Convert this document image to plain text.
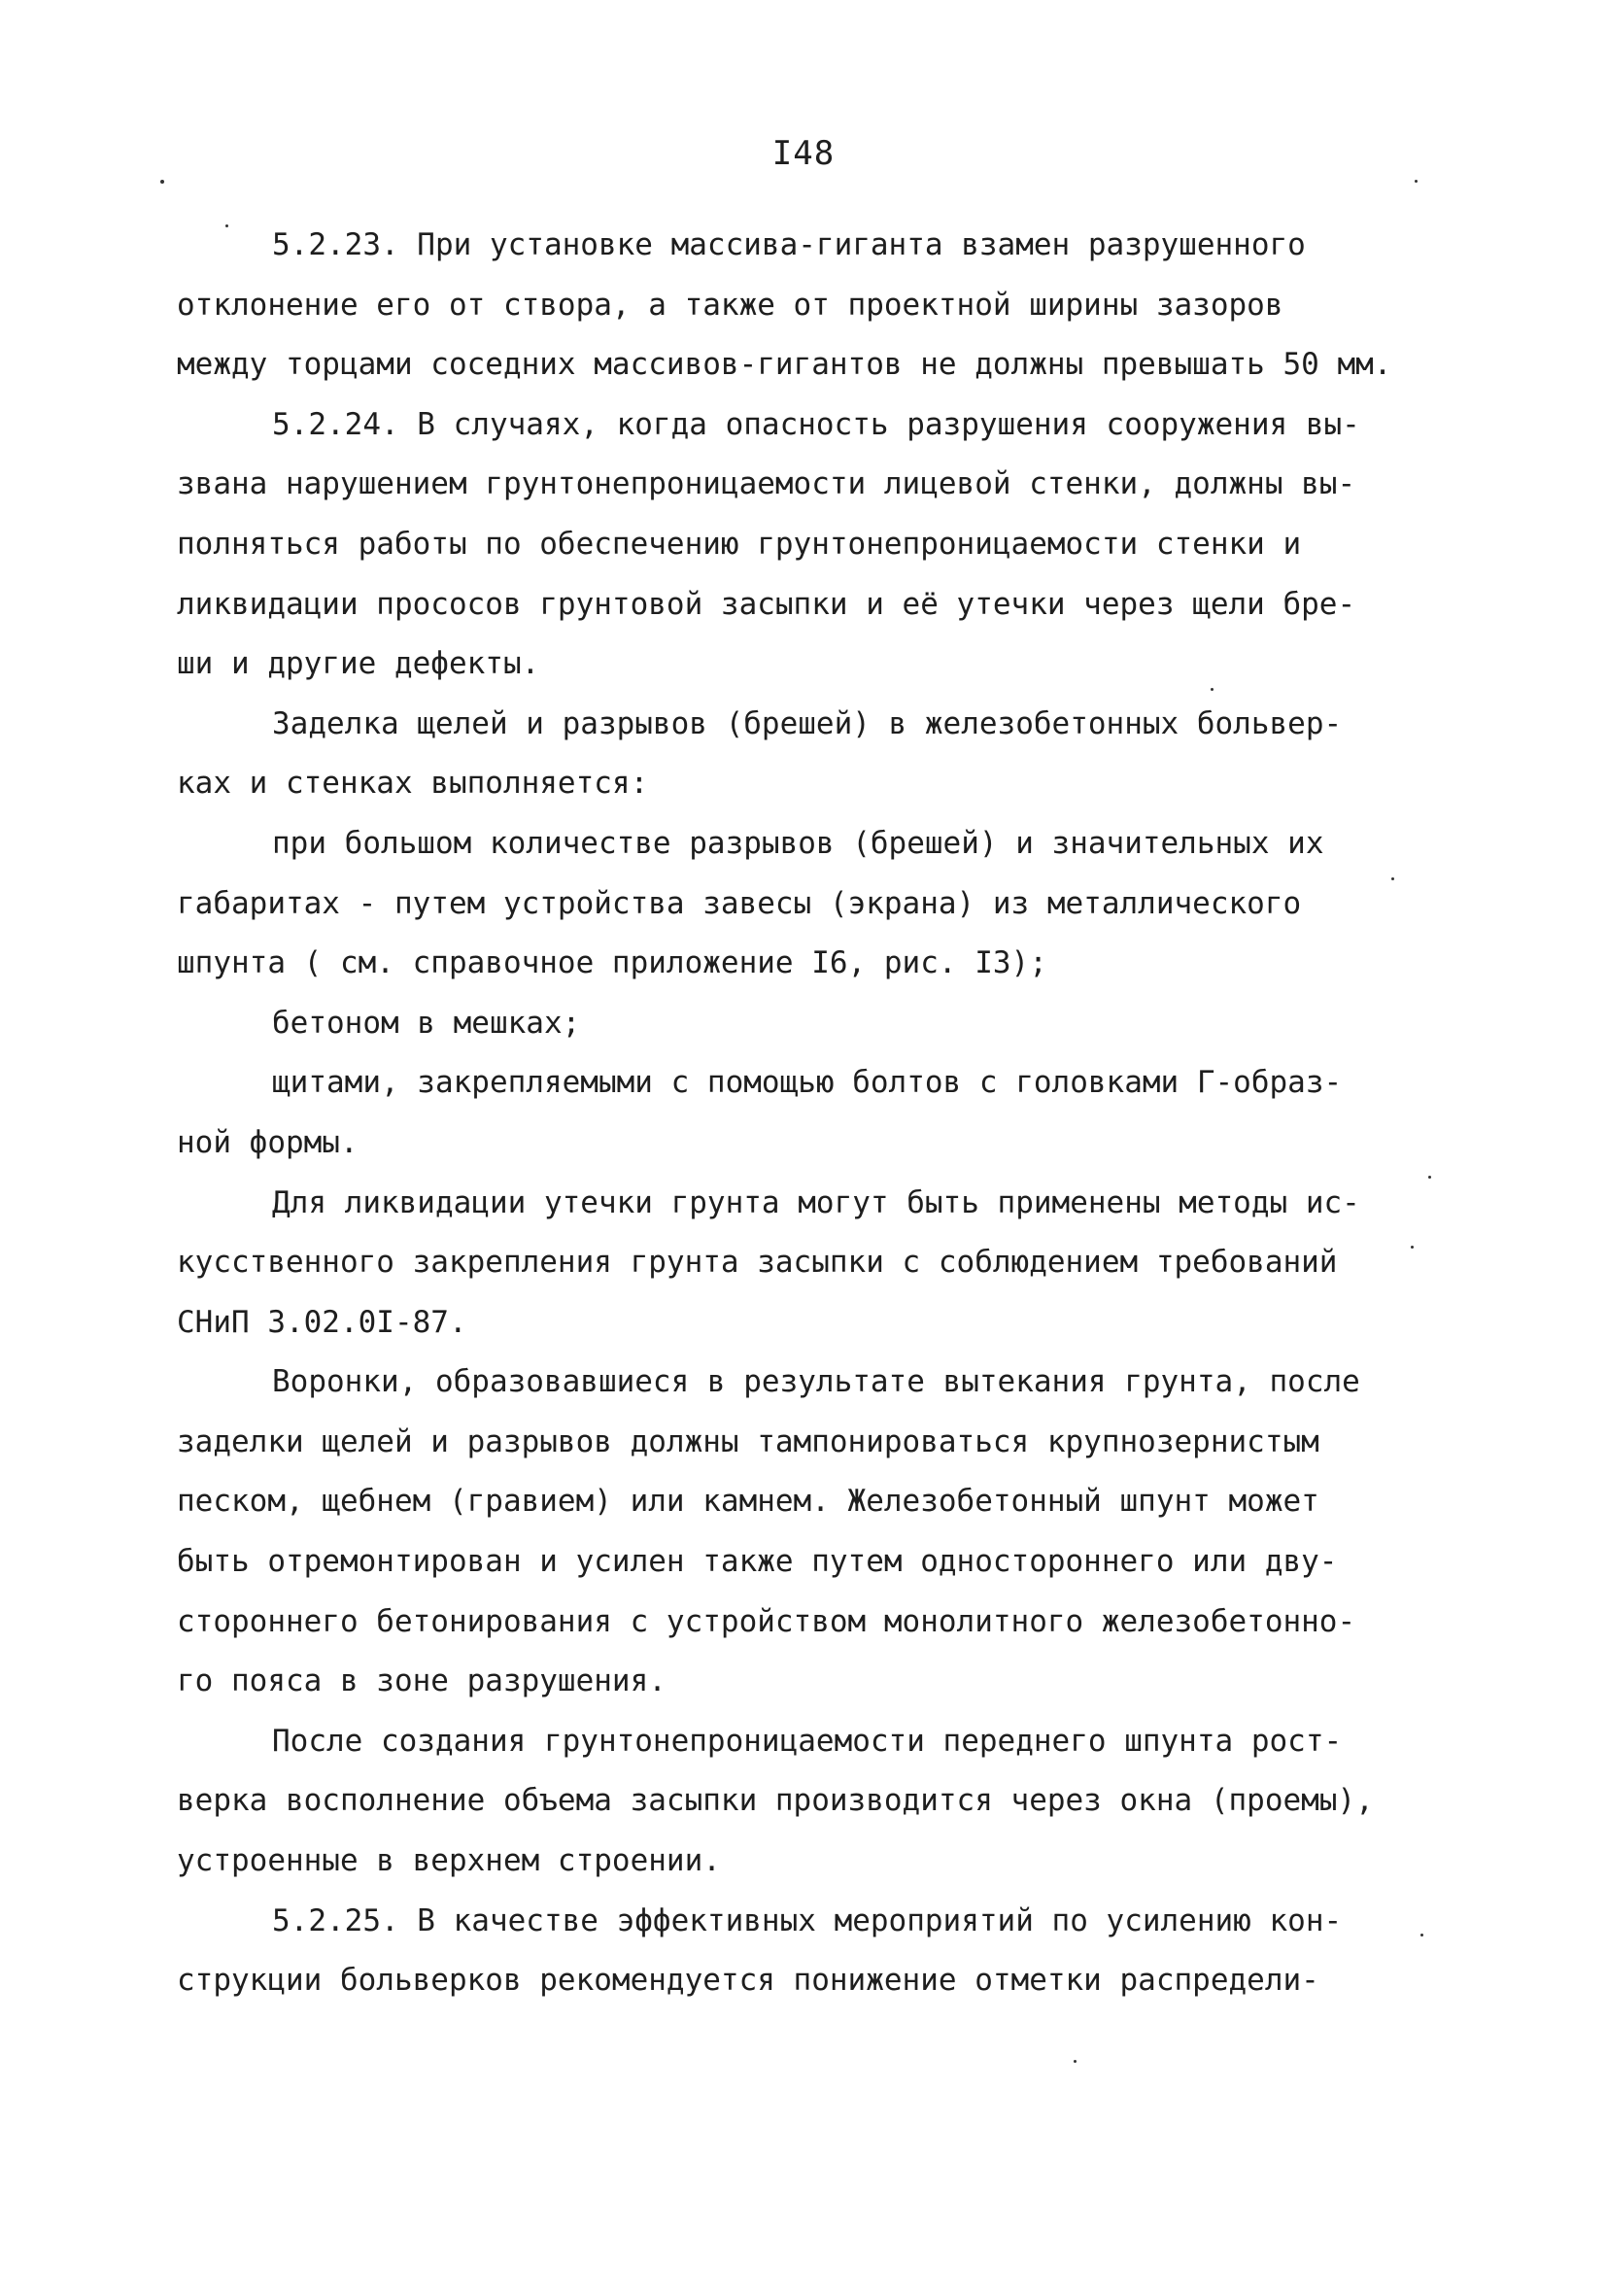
I48
5.2.23. При установке массива-гиганта взамен разрушенного
отклонение его от створа, а также от проектной ширины зазоров
между торцами соседних массивов-гигантов не должны превышать 50 мм.
5.2.24. В случаях, когда опасность разрушения сооружения вы-
звана нарушением грунтонепроницаемости лицевой стенки, должны вы-
полняться работы по обеспечению грунтонепроницаемости стенки и
ликвидации прососов грунтовой засыпки и её утечки через щели бре-
ши и другие дефекты.
Заделка щелей и разрывов (брешей) в железобетонных больвер-
ках и стенках выполняется:
при большом количестве разрывов (брешей) и значительных их
габаритах - путем устройства завесы (экрана) из металлического
шпунта ( см. справочное приложение I6, рис. I3);
бетоном в мешках;
щитами, закрепляемыми с помощью болтов с головками Г-образ-
ной формы.
Для ликвидации утечки грунта могут быть применены методы ис-
кусственного закрепления грунта засыпки с соблюдением требований
СНиП 3.02.0I-87.
Воронки, образовавшиеся в результате вытекания грунта, после
заделки щелей и разрывов должны тампонироваться крупнозернистым
песком, щебнем (гравием) или камнем. Железобетонный шпунт может
быть отремонтирован и усилен также путем одностороннего или дву-
стороннего бетонирования с устройством монолитного железобетонно-
го пояса в зоне разрушения.
После создания грунтонепроницаемости переднего шпунта рост-
верка восполнение объема засыпки производится через окна (проемы),
устроенные в верхнем строении.
5.2.25. В качестве эффективных мероприятий по усилению кон-
струкции больверков рекомендуется понижение отметки распредели-
